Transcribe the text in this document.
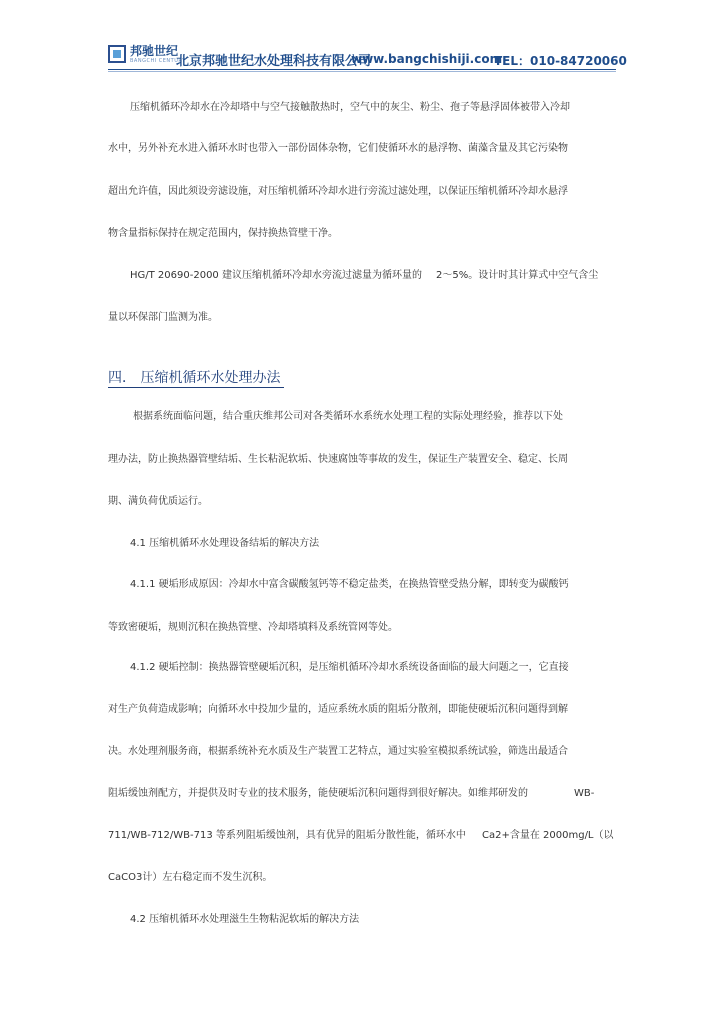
邦驰世纪
BANGCHI CENTURY
北京邦驰世纪水处理科技有限公司
www.bangchishiji.com
TEL：010-84720060
压缩机循环冷却水在冷却塔中与空气接触散热时，空气中的灰尘、粉尘、孢子等悬浮固体被带入冷却
水中，另外补充水进入循环水时也带入一部份固体杂物，它们使循环水的悬浮物、菌藻含量及其它污染物
超出允许值，因此须设旁滤设施，对压缩机循环冷却水进行旁流过滤处理，以保证压缩机循环冷却水悬浮
物含量指标保持在规定范围内，保持换热管壁干净。
HG/T 20690-2000 建议压缩机循环冷却水旁流过滤量为循环量的 2～5%。设计时其计算式中空气含尘
量以环保部门监测为准。
四． 压缩机循环水处理办法
根据系统面临问题，结合重庆维邦公司对各类循环水系统水处理工程的实际处理经验，推荐以下处
理办法，防止换热器管壁结垢、生长粘泥软垢、快速腐蚀等事故的发生，保证生产装置安全、稳定、长周
期、满负荷优质运行。
4.1 压缩机循环水处理设备结垢的解决方法
4.1.1 硬垢形成原因：冷却水中富含碳酸氢钙等不稳定盐类，在换热管壁受热分解，即转变为碳酸钙
等致密硬垢，规则沉积在换热管壁、冷却塔填料及系统管网等处。
4.1.2 硬垢控制：换热器管壁硬垢沉积，是压缩机循环冷却水系统设备面临的最大问题之一，它直接
对生产负荷造成影响；向循环水中投加少量的，适应系统水质的阻垢分散剂，即能使硬垢沉积问题得到解
决。水处理剂服务商，根据系统补充水质及生产装置工艺特点，通过实验室模拟系统试验，筛选出最适合
阻垢缓蚀剂配方，并提供及时专业的技术服务，能使硬垢沉积问题得到很好解决。如维邦研发的	WB-
711/WB-712/WB-713 等系列阻垢缓蚀剂，具有优异的阻垢分散性能，循环水中 Ca2+含量在 2000mg/L（以
CaCO3计）左右稳定而不发生沉积。
4.2 压缩机循环水处理滋生生物粘泥软垢的解决方法
